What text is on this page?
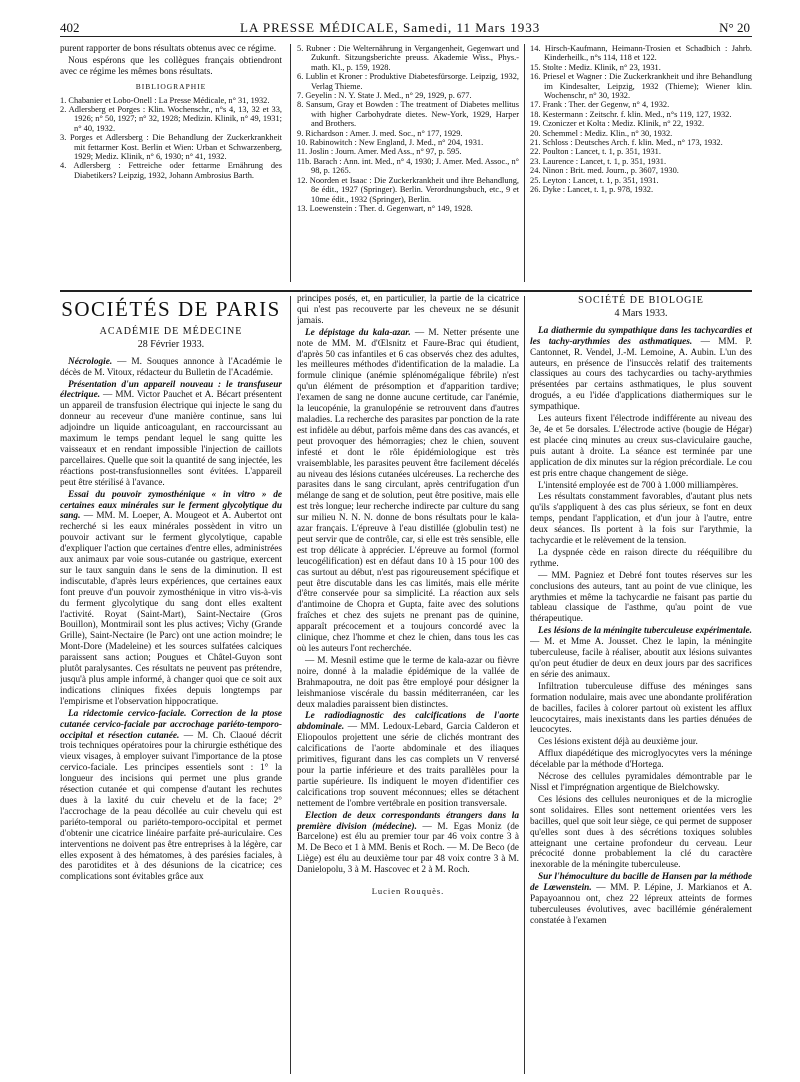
402	LA PRESSE MÉDICALE, Samedi, 11 Mars 1933	N° 20

purent rapporter de bons résultats obtenus avec ce régime.

Nous espérons que les collègues français obtiendront avec ce régime les mêmes bons résultats.

BIBLIOGRAPHIE
1. Chabanier et Lobo-Onell : La Presse Médicale, n° 31, 1932.
2. Adlersberg et Porges : Klin. Wochenschr., n°s 4, 13, 32 et 33, 1926; n° 50, 1927; n° 32, 1928; Medizin. Klinik, n° 49, 1931; n° 40, 1932.
3. Porges et Adlersberg : Die Behandlung der Zuckerkrankheit mit fettarmer Kost. Berlin et Wien: Urban et Schwarzenberg, 1929; Mediz. Klinik, n° 6, 1930; n° 41, 1932.
4. Adlersberg : Fettreiche oder fettarme Ernährung des Diabetikers? Leipzig, 1932, Johann Ambrosius Barth.
5. Rubner : Die Welternährung in Vergangenheit, Gegenwart und Zukunft. Sitzungsberichte preuss. Akademie Wiss., Phys.-math. Kl., p. 159, 1928.
6. Lublin et Kroner : Produktive Diabetesfürsorge. Leipzig, 1932, Verlag Thieme.
7. Geyelin : N. Y. State J. Med., n° 29, 1929, p. 677.
8. Sansum, Gray et Bowden : The treatment of Diabetes mellitus with higher Carbohydrate dietes. New-York, 1929, Harper and Brothers.
9. Richardson : Amer. J. med. Soc., n° 177, 1929.
10. Rabinowitch : New England, J. Med., n° 204, 1931.
11. Joslin : Journ. Amer. Med Ass., n° 97, p. 595.
11b. Barach : Ann. int. Med., n° 4, 1930; J. Amer. Med. Assoc., n° 98, p. 1265.
12. Noorden et Isaac : Die Zuckerkrankheit und ihre Behandlung, 8e édit., 1927 (Springer). Berlin. Verordnungsbuch, etc., 9 et 10me édit., 1932 (Springer), Berlin.
13. Loewenstein : Ther. d. Gegenwart, n° 149, 1928.
14. Hirsch-Kaufmann, Heimann-Trosien et Schadbich : Jahrb. Kinderheilk., n°s 114, 118 et 122.
15. Stolte : Mediz. Klinik, n° 23, 1931.
16. Priesel et Wagner : Die Zuckerkrankheit und ihre Behandlung im Kindesalter, Leipzig, 1932 (Thieme); Wiener klin. Wochenschr, n° 30, 1932.
17. Frank : Ther. der Gegenw, n° 4, 1932.
18. Kestermann : Zeitschr. f. klin. Med., n°s 119, 127, 1932.
19. Czoniczer et Kolta : Mediz. Klinik, n° 22, 1932.
20. Schemmel : Mediz. Klin., n° 30, 1932.
21. Schloss : Deutsches Arch. f. klin. Med., n° 173, 1932.
22. Poulton : Lancet, t. 1, p. 351, 1931.
23. Laurence : Lancet, t. 1, p. 351, 1931.
24. Ninon : Brit. med. Journ., p. 3607, 1930.
25. Leyton : Lancet, t. 1, p. 351, 1931.
26. Dyke : Lancet, t. 1, p. 978, 1932.
SOCIÉTÉS DE PARIS
ACADÉMIE DE MÉDECINE
28 Février 1933.

Nécrologie. — M. Souques annonce à l'Académie le décès de M. Vitoux, rédacteur du Bulletin de l'Académie.

Présentation d'un appareil nouveau : le transfuseur électrique. — MM. Victor Pauchet et A. Bécart présentent un appareil de transfusion électrique qui injecte le sang du donneur au receveur d'une manière continue, sans lui adjoindre un liquide anticoagulant, en raccourcissant au maximum le temps pendant lequel le sang quitte les vaisseaux et en rendant impossible l'injection de caillots parcellaires. Quelle que soit la quantité de sang injectée, les réactions post-transfusionnelles sont évitées. L'appareil peut être stérilisé à l'avance.

Essai du pouvoir zymosthénique « in vitro » de certaines eaux minérales sur le ferment glycolytique du sang. — MM. M. Loeper, A. Mougeot et A. Aubertot ont recherché si les eaux minérales possèdent in vitro un pouvoir activant sur le ferment glycolytique, capable d'expliquer l'action que certaines d'entre elles, administrées aux animaux par voie sous-cutanée ou gastrique, exercent sur le taux sanguin dans le sens de la diminution. Il est indiscutable, d'après leurs expériences, que certaines eaux font preuve d'un pouvoir zymosthénique in vitro vis-à-vis du ferment glycolytique du sang dont elles exaltent l'activité. Royat (Saint-Mart), Saint-Nectaire (Gros Bouillon), Montmirail sont les plus actives; Vichy (Grande Grille), Saint-Nectaire (le Parc) ont une action moindre; le Mont-Dore (Madeleine) et les sources sulfatées calciques paraissent sans action; Pougues et Châtel-Guyon sont plutôt paralysantes. Ces résultats ne peuvent pas prétendre, jusqu'à plus ample informé, à changer quoi que ce soit aux indications cliniques fixées depuis longtemps par l'empirisme et l'observation hippocratique.

La ridectomie cervico-faciale. Correction de la ptose cutanée cervico-faciale par accrochage pariéto-temporo-occipital et résection cutanée. — M. Ch. Claoué décrit trois techniques opératoires pour la chirurgie esthétique des vieux visages, à employer suivant l'importance de la ptose cervico-faciale. Les principes essentiels sont : 1° la longueur des incisions qui permet une plus grande résection cutanée et qui compense d'autant les rechutes dues à la laxité du cuir chevelu et de la face; 2° l'accrochage de la peau décollée au cuir chevelu qui est pariéto-temporal ou pariéto-temporo-occipital et permet d'obtenir une cicatrice linéaire parfaite pré-auriculaire. Ces interventions ne doivent pas être entreprises à la légère, car elles exposent à des hématomes, à des parésies faciales, à des parotidites et à des désunions de la cicatrice; ces complications sont évitables grâce aux

principes posés, et, en particulier, la partie de la cicatrice qui n'est pas recouverte par les cheveux ne se désunit jamais.

Le dépistage du kala-azar. — M. Netter présente une note de MM. M. d'Œlsnitz et Faure-Brac qui étudient, d'après 50 cas infantiles et 6 cas observés chez des adultes, les meilleures méthodes d'identification de la maladie. La formule clinique (anémie splénomégalique fébrile) n'est qu'un élément de présomption et d'apparition tardive; l'examen de sang ne donne aucune certitude, car l'anémie, la leucopénie, la granulopénie se retrouvent dans d'autres maladies. La recherche des parasites par ponction de la rate est infidèle au début, parfois même dans des cas avancés, et peut provoquer des hémorragies; chez le chien, souvent infesté et dont le rôle épidémiologique est très vraisemblable, les parasites peuvent être facilement décelés au niveau des lésions cutanées ulcéreuses. La recherche des parasites dans le sang circulant, après centrifugation d'un mélange de sang et de solution, peut être positive, mais elle est très longue; leur recherche indirecte par culture du sang sur milieu N. N. N. donne de bons résultats pour le kala-azar français. L'épreuve à l'eau distillée (globulin test) ne peut servir que de contrôle, car, si elle est très sensible, elle est trop délicate à apprécier. L'épreuve au formol (formol leucogélification) est en défaut dans 10 à 15 pour 100 des cas surtout au début, n'est pas rigoureusement spécifique et peut être discutable dans les cas limités, mais elle mérite d'être conservée pour sa simplicité. La réaction aux sels d'antimoine de Chopra et Gupta, faite avec des solutions fraîches et chez des sujets ne prenant pas de quinine, apparaît précocement et a toujours concordé avec la clinique, chez l'homme et chez le chien, dans tous les cas où les auteurs l'ont recherchée.

— M. Mesnil estime que le terme de kala-azar ou fièvre noire, donné à la maladie épidémique de la vallée de Brahmapoutra, ne doit pas être employé pour désigner la leishmaniose viscérale du bassin méditerranéen, car les deux maladies paraissent bien distinctes.

Le radiodiagnostic des calcifications de l'aorte abdominale. — MM. Ledoux-Lebard, Garcia Calderon et Eliopoulos projettent une série de clichés montrant des calcifications de l'aorte abdominale et des iliaques primitives, figurant dans les cas complets un V renversé pour la partie inférieure et des traits parallèles pour la partie supérieure. Ils indiquent le moyen d'identifier ces calcifications trop souvent méconnues; elles se détachent nettement de l'ombre vertébrale en position transversale.

Election de deux correspondants étrangers dans la première division (médecine). — M. Egas Moniz (de Barcelone) est élu au premier tour par 46 voix contre 3 à M. De Beco et 1 à MM. Benis et Roch. — M. De Beco (de Liège) est élu au deuxième tour par 48 voix contre 3 à M. Danielopolu, 3 à M. Hascovec et 2 à M. Roch.

Lucien Rouquès.
SOCIÉTÉ DE BIOLOGIE
4 Mars 1933.

La diathermie du sympathique dans les tachycardies et les tachy-arythmies des asthmatiques. — MM. P. Cantonnet, R. Vendel, J.-M. Lemoine, A. Aubin. L'un des auteurs, en présence de l'insuccès relatif des traitements classiques au cours des tachycardies ou tachy-arythmies présentées par certains asthmatiques, le plus souvent drogués, a eu l'idée d'applications diathermiques sur le sympathique.

Les auteurs fixent l'électrode indifférente au niveau des 3e, 4e et 5e dorsales. L'électrode active (bougie de Hégar) est placée cinq minutes au creux sus-claviculaire gauche, puis autant à droite. La séance est terminée par une application de dix minutes sur la région précordiale. Le cou est pris entre chaque changement de siège.

L'intensité employée est de 700 à 1.000 milliampères.

Les résultats constamment favorables, d'autant plus nets qu'ils s'appliquent à des cas plus sérieux, se font en deux temps, pendant l'application, et d'un jour à l'autre, entre deux séances. Ils portent à la fois sur l'arythmie, la tachycardie et le relèvement de la tension.

La dyspnée cède en raison directe du rééquilibre du rythme.

— MM. Pagniez et Debré font toutes réserves sur les conclusions des auteurs, tant au point de vue clinique, les arythmies et même la tachycardie ne faisant pas partie du tableau classique de l'asthme, qu'au point de vue thérapeutique.

Les lésions de la méningite tuberculeuse expérimentale. — M. et Mme A. Jousset. Chez le lapin, la méningite tuberculeuse, facile à réaliser, aboutit aux lésions suivantes qu'on peut étudier de deux en deux jours par des sacrifices en série des animaux.

Infiltration tuberculeuse diffuse des méninges sans formation nodulaire, mais avec une abondante prolifération de bacilles, faciles à colorer partout où existent les afflux leucocytaires, mais inexistants dans les parties dénuées de leucocytes.

Ces lésions existent déjà au deuxième jour.

Afflux diapédétique des microglyocytes vers la méninge décelable par la méthode d'Hortega.

Nécrose des cellules pyramidales démontrable par le Nissl et l'imprégnation argentique de Bielchowsky.

Ces lésions des cellules neuroniques et de la microglie sont solidaires. Elles sont nettement orientées vers les bacilles, quel que soit leur siège, ce qui permet de supposer qu'elles sont dues à des sécrétions toxiques solubles atteignant une certaine profondeur du cerveau. Leur précocité donne probablement la clé du caractère inexorable de la méningite tuberculeuse.

Sur l'hémoculture du bacille de Hansen par la méthode de Lœwenstein. — MM. P. Lépine, J. Markianos et A. Papayoannou ont, chez 22 lépreux atteints de formes tuberculeuses évolutives, avec bacillémie généralement constatée à l'examen
